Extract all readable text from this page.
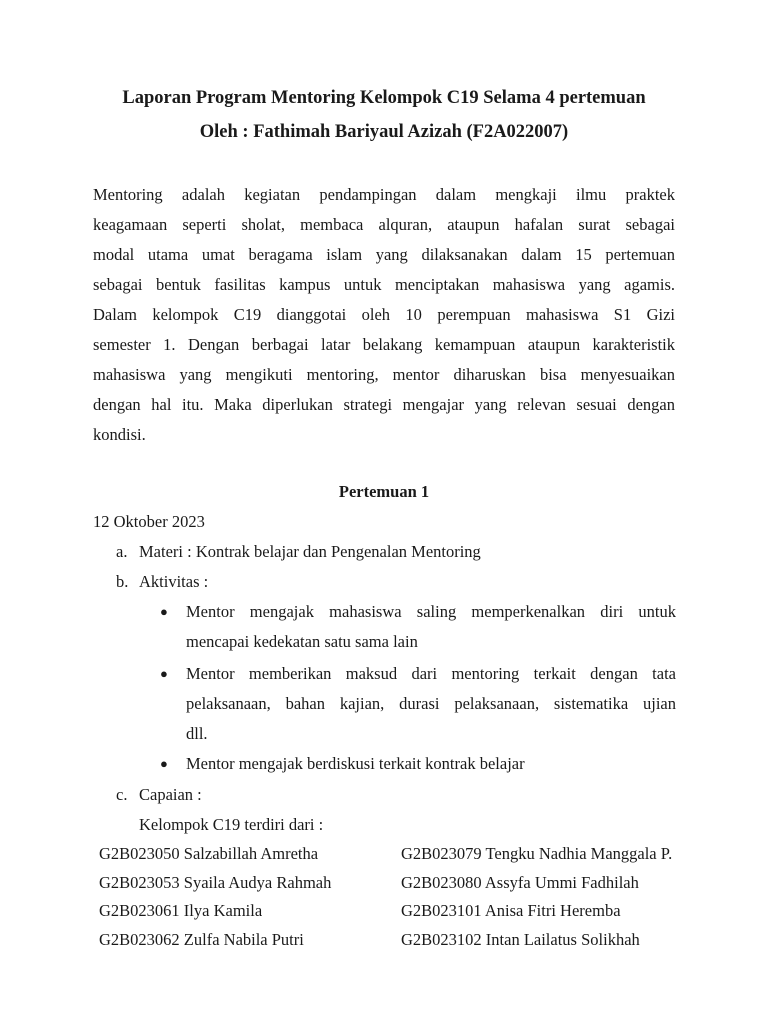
Laporan Program Mentoring Kelompok C19 Selama 4 pertemuan
Oleh : Fathimah Bariyaul Azizah (F2A022007)

Mentoring adalah kegiatan pendampingan dalam mengkaji ilmu praktek
keagamaan seperti sholat, membaca alquran, ataupun hafalan surat sebagai
modal utama umat beragama islam yang dilaksanakan dalam 15 pertemuan
sebagai bentuk fasilitas kampus untuk menciptakan mahasiswa yang agamis.
Dalam kelompok C19 dianggotai oleh 10 perempuan mahasiswa S1 Gizi
semester 1. Dengan berbagai latar belakang kemampuan ataupun karakteristik
mahasiswa yang mengikuti mentoring, mentor diharuskan bisa menyesuaikan
dengan hal itu. Maka diperlukan strategi mengajar yang relevan sesuai dengan
kondisi.

Pertemuan 1
12 Oktober 2023
a. Materi : Kontrak belajar dan Pengenalan Mentoring
b. Aktivitas :
● Mentor mengajak mahasiswa saling memperkenalkan diri untuk
mencapai kedekatan satu sama lain
● Mentor memberikan maksud dari mentoring terkait dengan tata
pelaksanaan, bahan kajian, durasi pelaksanaan, sistematika ujian
dll.
● Mentor mengajak berdiskusi terkait kontrak belajar
c. Capaian :
Kelompok C19 terdiri dari :
G2B023050 Salzabillah Amretha	G2B023079 Tengku Nadhia Manggala P.
G2B023053 Syaila Audya Rahmah	G2B023080 Assyfa Ummi Fadhilah
G2B023061 Ilya Kamila	G2B023101 Anisa Fitri Heremba
G2B023062 Zulfa Nabila Putri	G2B023102 Intan Lailatus Solikhah
